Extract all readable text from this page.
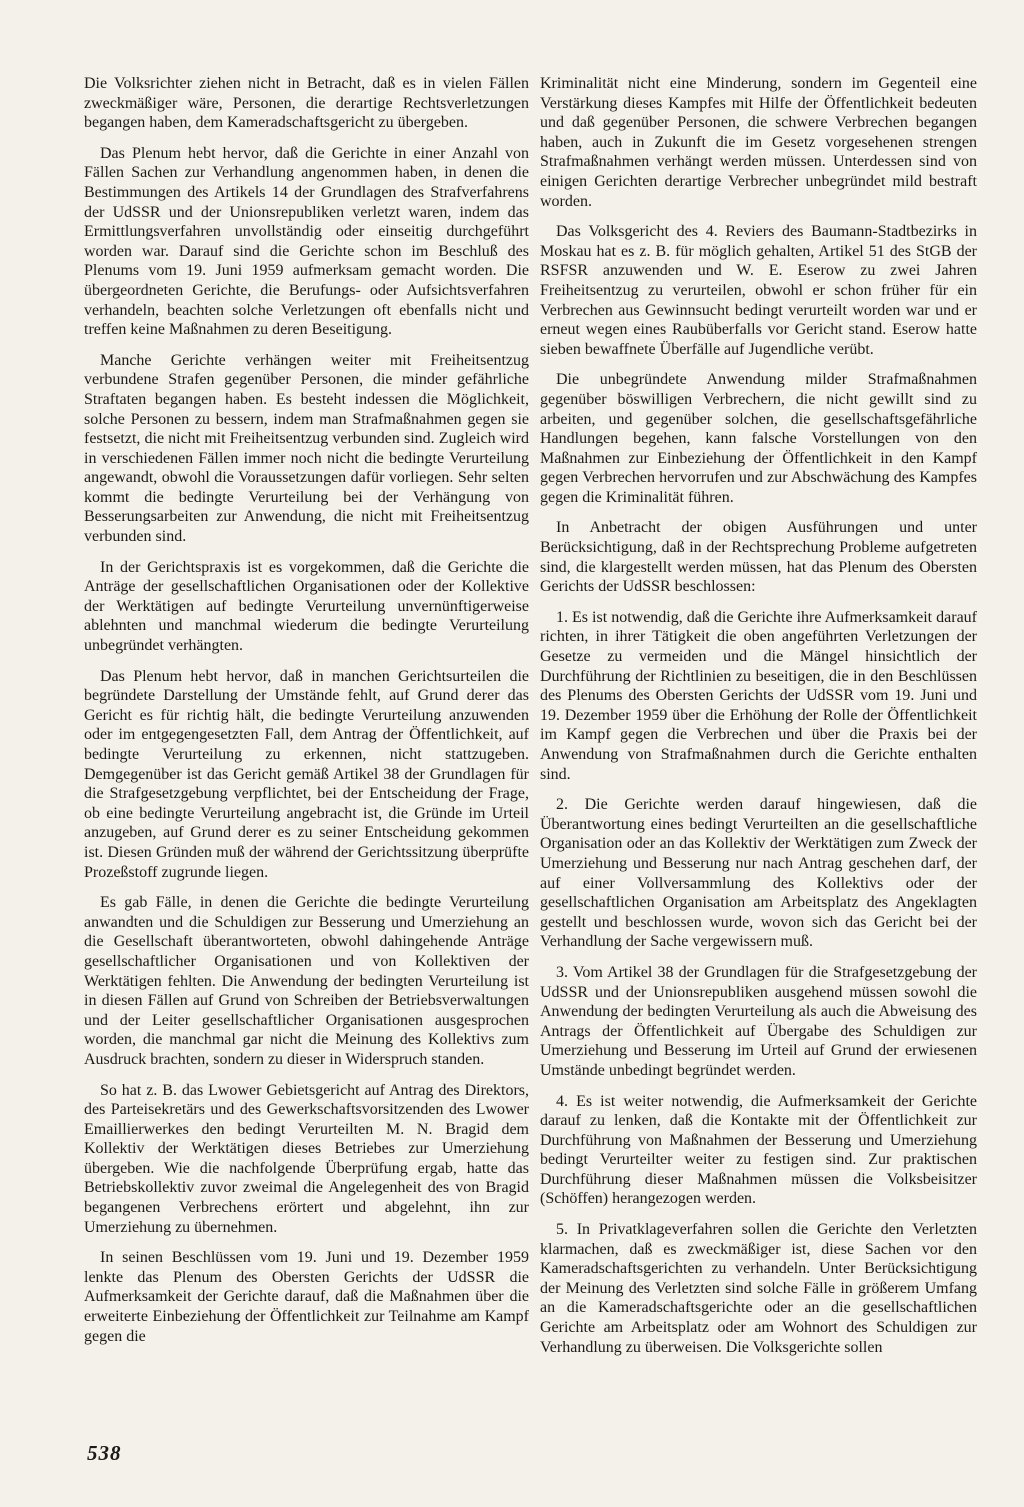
Die Volksrichter ziehen nicht in Betracht, daß es in vielen Fällen zweckmäßiger wäre, Personen, die derartige Rechtsverletzungen begangen haben, dem Kameradschaftsgericht zu übergeben.

Das Plenum hebt hervor, daß die Gerichte in einer Anzahl von Fällen Sachen zur Verhandlung angenommen haben, in denen die Bestimmungen des Artikels 14 der Grundlagen des Strafverfahrens der UdSSR und der Unionsrepubliken verletzt waren, indem das Ermittlungsverfahren unvollständig oder einseitig durchgeführt worden war. Darauf sind die Gerichte schon im Beschluß des Plenums vom 19. Juni 1959 aufmerksam gemacht worden. Die übergeordneten Gerichte, die Berufungs- oder Aufsichtsverfahren verhandeln, beachten solche Verletzungen oft ebenfalls nicht und treffen keine Maßnahmen zu deren Beseitigung.

Manche Gerichte verhängen weiter mit Freiheitsentzug verbundene Strafen gegenüber Personen, die minder gefährliche Straftaten begangen haben. Es besteht indessen die Möglichkeit, solche Personen zu bessern, indem man Strafmaßnahmen gegen sie festsetzt, die nicht mit Freiheitsentzug verbunden sind. Zugleich wird in verschiedenen Fällen immer noch nicht die bedingte Verurteilung angewandt, obwohl die Voraussetzungen dafür vorliegen. Sehr selten kommt die bedingte Verurteilung bei der Verhängung von Besserungsarbeiten zur Anwendung, die nicht mit Freiheitsentzug verbunden sind.

In der Gerichtspraxis ist es vorgekommen, daß die Gerichte die Anträge der gesellschaftlichen Organisationen oder der Kollektive der Werktätigen auf bedingte Verurteilung unvernünftigerweise ablehnten und manchmal wiederum die bedingte Verurteilung unbegründet verhängten.

Das Plenum hebt hervor, daß in manchen Gerichtsurteilen die begründete Darstellung der Umstände fehlt, auf Grund derer das Gericht es für richtig hält, die bedingte Verurteilung anzuwenden oder im entgegengesetzten Fall, dem Antrag der Öffentlichkeit, auf bedingte Verurteilung zu erkennen, nicht stattzugeben. Demgegenüber ist das Gericht gemäß Artikel 38 der Grundlagen für die Strafgesetzgebung verpflichtet, bei der Entscheidung der Frage, ob eine bedingte Verurteilung angebracht ist, die Gründe im Urteil anzugeben, auf Grund derer es zu seiner Entscheidung gekommen ist. Diesen Gründen muß der während der Gerichtssitzung überprüfte Prozeßstoff zugrunde liegen.

Es gab Fälle, in denen die Gerichte die bedingte Verurteilung anwandten und die Schuldigen zur Besserung und Umerziehung an die Gesellschaft überantworteten, obwohl dahingehende Anträge gesellschaftlicher Organisationen und von Kollektiven der Werktätigen fehlten. Die Anwendung der bedingten Verurteilung ist in diesen Fällen auf Grund von Schreiben der Betriebsverwaltungen und der Leiter gesellschaftlicher Organisationen ausgesprochen worden, die manchmal gar nicht die Meinung des Kollektivs zum Ausdruck brachten, sondern zu dieser in Widerspruch standen.

So hat z. B. das Lwower Gebietsgericht auf Antrag des Direktors, des Parteisekretärs und des Gewerkschaftsvorsitzenden des Lwower Emaillierwerkes den bedingt Verurteilten M. N. Bragid dem Kollektiv der Werktätigen dieses Betriebes zur Umerziehung übergeben. Wie die nachfolgende Überprüfung ergab, hatte das Betriebskollektiv zuvor zweimal die Angelegenheit des von Bragid begangenen Verbrechens erörtert und abgelehnt, ihn zur Umerziehung zu übernehmen.

In seinen Beschlüssen vom 19. Juni und 19. Dezember 1959 lenkte das Plenum des Obersten Gerichts der UdSSR die Aufmerksamkeit der Gerichte darauf, daß die Maßnahmen über die erweiterte Einbeziehung der Öffentlichkeit zur Teilnahme am Kampf gegen die

Kriminalität nicht eine Minderung, sondern im Gegenteil eine Verstärkung dieses Kampfes mit Hilfe der Öffentlichkeit bedeuten und daß gegenüber Personen, die schwere Verbrechen begangen haben, auch in Zukunft die im Gesetz vorgesehenen strengen Strafmaßnahmen verhängt werden müssen. Unterdessen sind von einigen Gerichten derartige Verbrecher unbegründet mild bestraft worden.

Das Volksgericht des 4. Reviers des Baumann-Stadtbezirks in Moskau hat es z. B. für möglich gehalten, Artikel 51 des StGB der RSFSR anzuwenden und W. E. Eserow zu zwei Jahren Freiheitsentzug zu verurteilen, obwohl er schon früher für ein Verbrechen aus Gewinnsucht bedingt verurteilt worden war und er erneut wegen eines Raubüberfalls vor Gericht stand. Eserow hatte sieben bewaffnete Überfälle auf Jugendliche verübt.

Die unbegründete Anwendung milder Strafmaßnahmen gegenüber böswilligen Verbrechern, die nicht gewillt sind zu arbeiten, und gegenüber solchen, die gesellschaftsgefährliche Handlungen begehen, kann falsche Vorstellungen von den Maßnahmen zur Einbeziehung der Öffentlichkeit in den Kampf gegen Verbrechen hervorrufen und zur Abschwächung des Kampfes gegen die Kriminalität führen.

In Anbetracht der obigen Ausführungen und unter Berücksichtigung, daß in der Rechtsprechung Probleme aufgetreten sind, die klargestellt werden müssen, hat das Plenum des Obersten Gerichts der UdSSR beschlossen:

1. Es ist notwendig, daß die Gerichte ihre Aufmerksamkeit darauf richten, in ihrer Tätigkeit die oben angeführten Verletzungen der Gesetze zu vermeiden und die Mängel hinsichtlich der Durchführung der Richtlinien zu beseitigen, die in den Beschlüssen des Plenums des Obersten Gerichts der UdSSR vom 19. Juni und 19. Dezember 1959 über die Erhöhung der Rolle der Öffentlichkeit im Kampf gegen die Verbrechen und über die Praxis bei der Anwendung von Strafmaßnahmen durch die Gerichte enthalten sind.

2. Die Gerichte werden darauf hingewiesen, daß die Überantwortung eines bedingt Verurteilten an die gesellschaftliche Organisation oder an das Kollektiv der Werktätigen zum Zweck der Umerziehung und Besserung nur nach Antrag geschehen darf, der auf einer Vollversammlung des Kollektivs oder der gesellschaftlichen Organisation am Arbeitsplatz des Angeklagten gestellt und beschlossen wurde, wovon sich das Gericht bei der Verhandlung der Sache vergewissern muß.

3. Vom Artikel 38 der Grundlagen für die Strafgesetzgebung der UdSSR und der Unionsrepubliken ausgehend müssen sowohl die Anwendung der bedingten Verurteilung als auch die Abweisung des Antrags der Öffentlichkeit auf Übergabe des Schuldigen zur Umerziehung und Besserung im Urteil auf Grund der erwiesenen Umstände unbedingt begründet werden.

4. Es ist weiter notwendig, die Aufmerksamkeit der Gerichte darauf zu lenken, daß die Kontakte mit der Öffentlichkeit zur Durchführung von Maßnahmen der Besserung und Umerziehung bedingt Verurteilter weiter zu festigen sind. Zur praktischen Durchführung dieser Maßnahmen müssen die Volksbeisitzer (Schöffen) herangezogen werden.

5. In Privatklageverfahren sollen die Gerichte den Verletzten klarmachen, daß es zweckmäßiger ist, diese Sachen vor den Kameradschaftsgerichten zu verhandeln. Unter Berücksichtigung der Meinung des Verletzten sind solche Fälle in größerem Umfang an die Kameradschaftsgerichte oder an die gesellschaftlichen Gerichte am Arbeitsplatz oder am Wohnort des Schuldigen zur Verhandlung zu überweisen. Die Volksgerichte sollen

538
